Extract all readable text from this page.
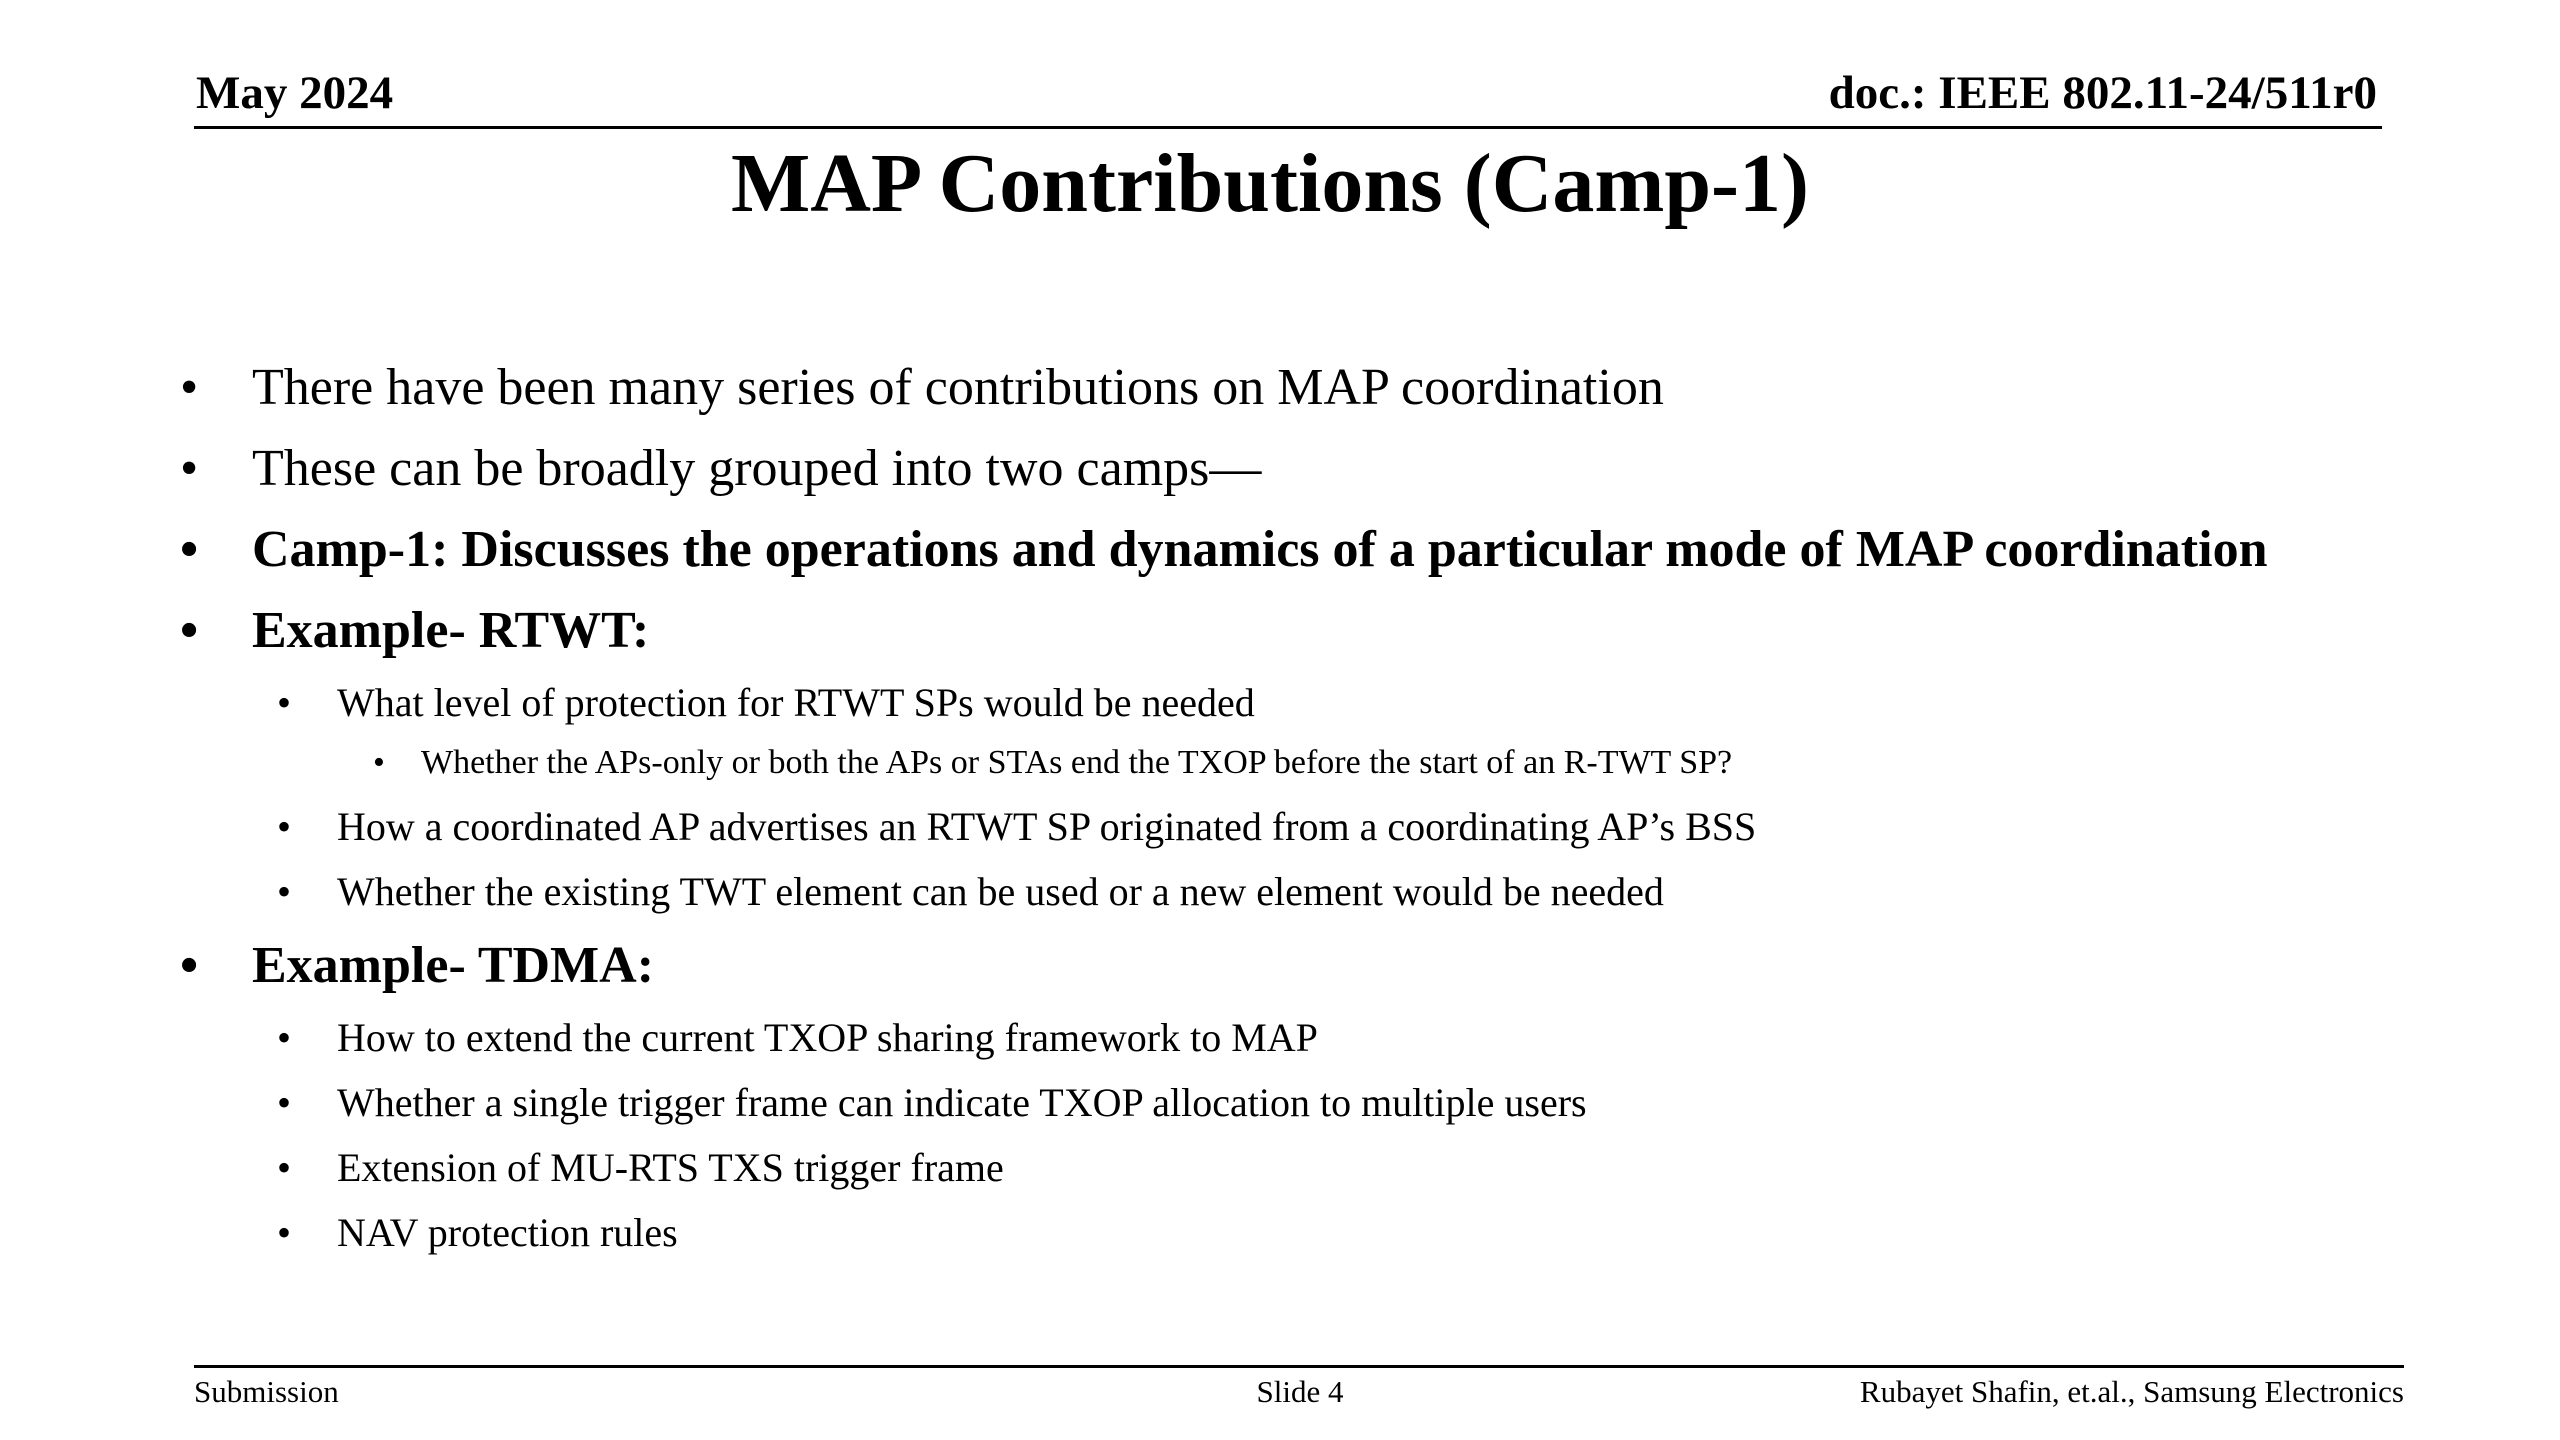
May 2024	doc.: IEEE 802.11-24/511r0
MAP Contributions (Camp-1)
• There have been many series of contributions on MAP coordination
• These can be broadly grouped into two camps—
• Camp-1: Discusses the operations and dynamics of a particular mode of MAP coordination
• Example- RTWT:
• What level of protection for RTWT SPs would be needed
• Whether the APs-only or both the APs or STAs end the TXOP before the start of an R-TWT SP?
• How a coordinated AP advertises an RTWT SP originated from a coordinating AP’s BSS
• Whether the existing TWT element can be used or a new element would be needed
• Example- TDMA:
• How to extend the current TXOP sharing framework to MAP
• Whether a single trigger frame can indicate TXOP allocation to multiple users
• Extension of MU-RTS TXS trigger frame
• NAV protection rules
Submission	Slide 4	Rubayet Shafin, et.al., Samsung Electronics
